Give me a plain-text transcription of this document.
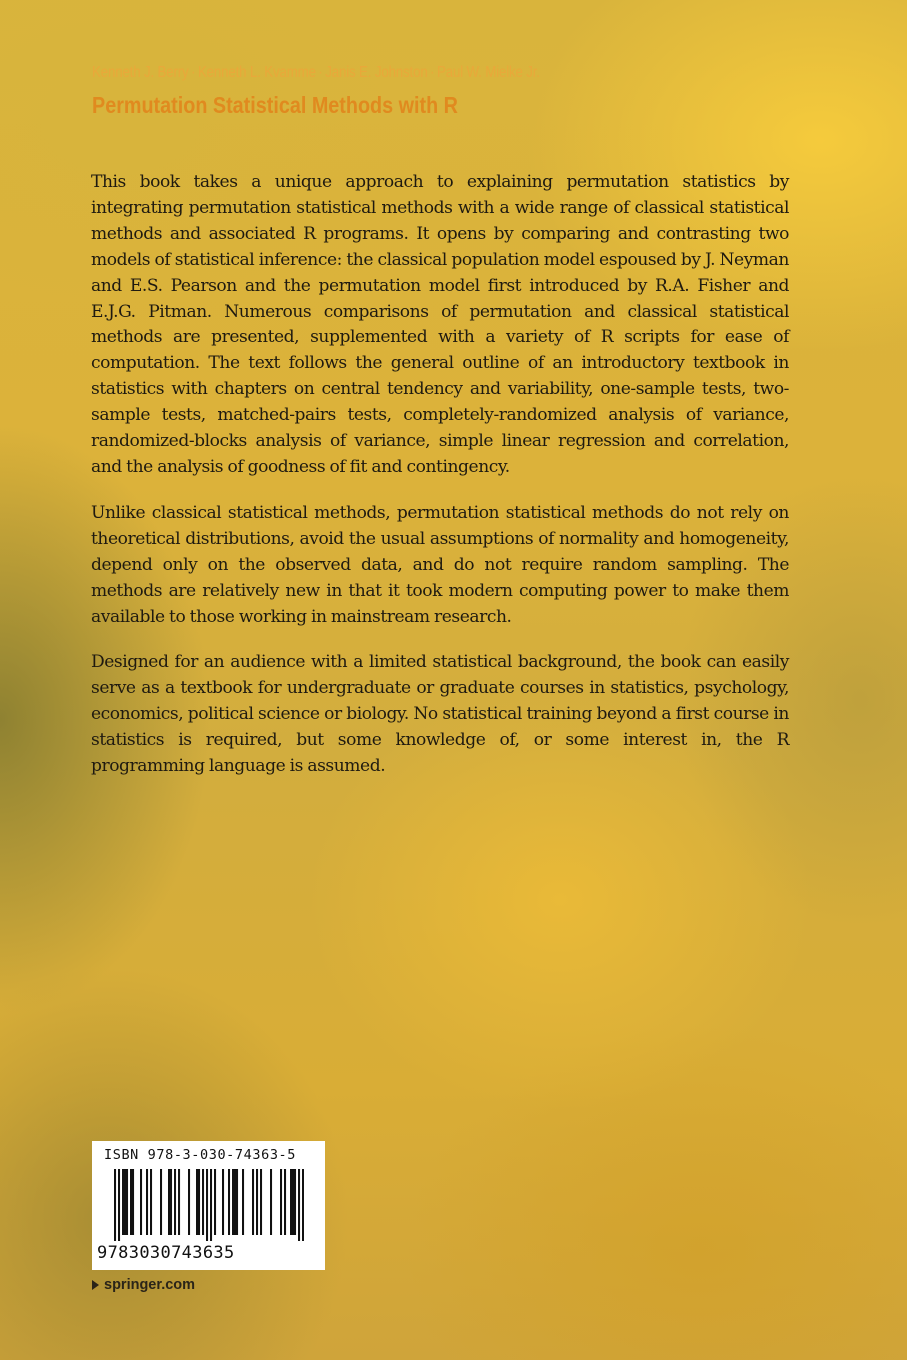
Kenneth J. Berry · Kenneth L. Kvamme · Janis E. Johnston · Paul W. Mielke Jr.
Permutation Statistical Methods with R

This book takes a unique approach to explaining permutation statistics by integrating permutation statistical methods with a wide range of classical statistical methods and associated R programs. It opens by comparing and contrasting two models of statistical inference: the classical population model espoused by J. Neyman and E.S. Pearson and the permutation model first introduced by R.A. Fisher and E.J.G. Pitman. Numerous comparisons of permutation and classical statistical methods are presented, supplemented with a variety of R scripts for ease of computation. The text follows the general outline of an introductory textbook in statistics with chapters on central tendency and variability, one-sample tests, two-sample tests, matched-pairs tests, completely-randomized analysis of variance, randomized-blocks analysis of variance, simple linear regression and correlation, and the analysis of goodness of fit and contingency.

Unlike classical statistical methods, permutation statistical methods do not rely on theoretical distributions, avoid the usual assumptions of normality and homogeneity, depend only on the observed data, and do not require random sampling. The methods are relatively new in that it took modern computing power to make them available to those working in mainstream research.

Designed for an audience with a limited statistical background, the book can easily serve as a textbook for undergraduate or graduate courses in statistics, psychology, economics, political science or biology. No statistical training beyond a first course in statistics is required, but some knowledge of, or some interest in, the R programming language is assumed.

ISBN 978-3-030-74363-5
9783030743635
springer.com
